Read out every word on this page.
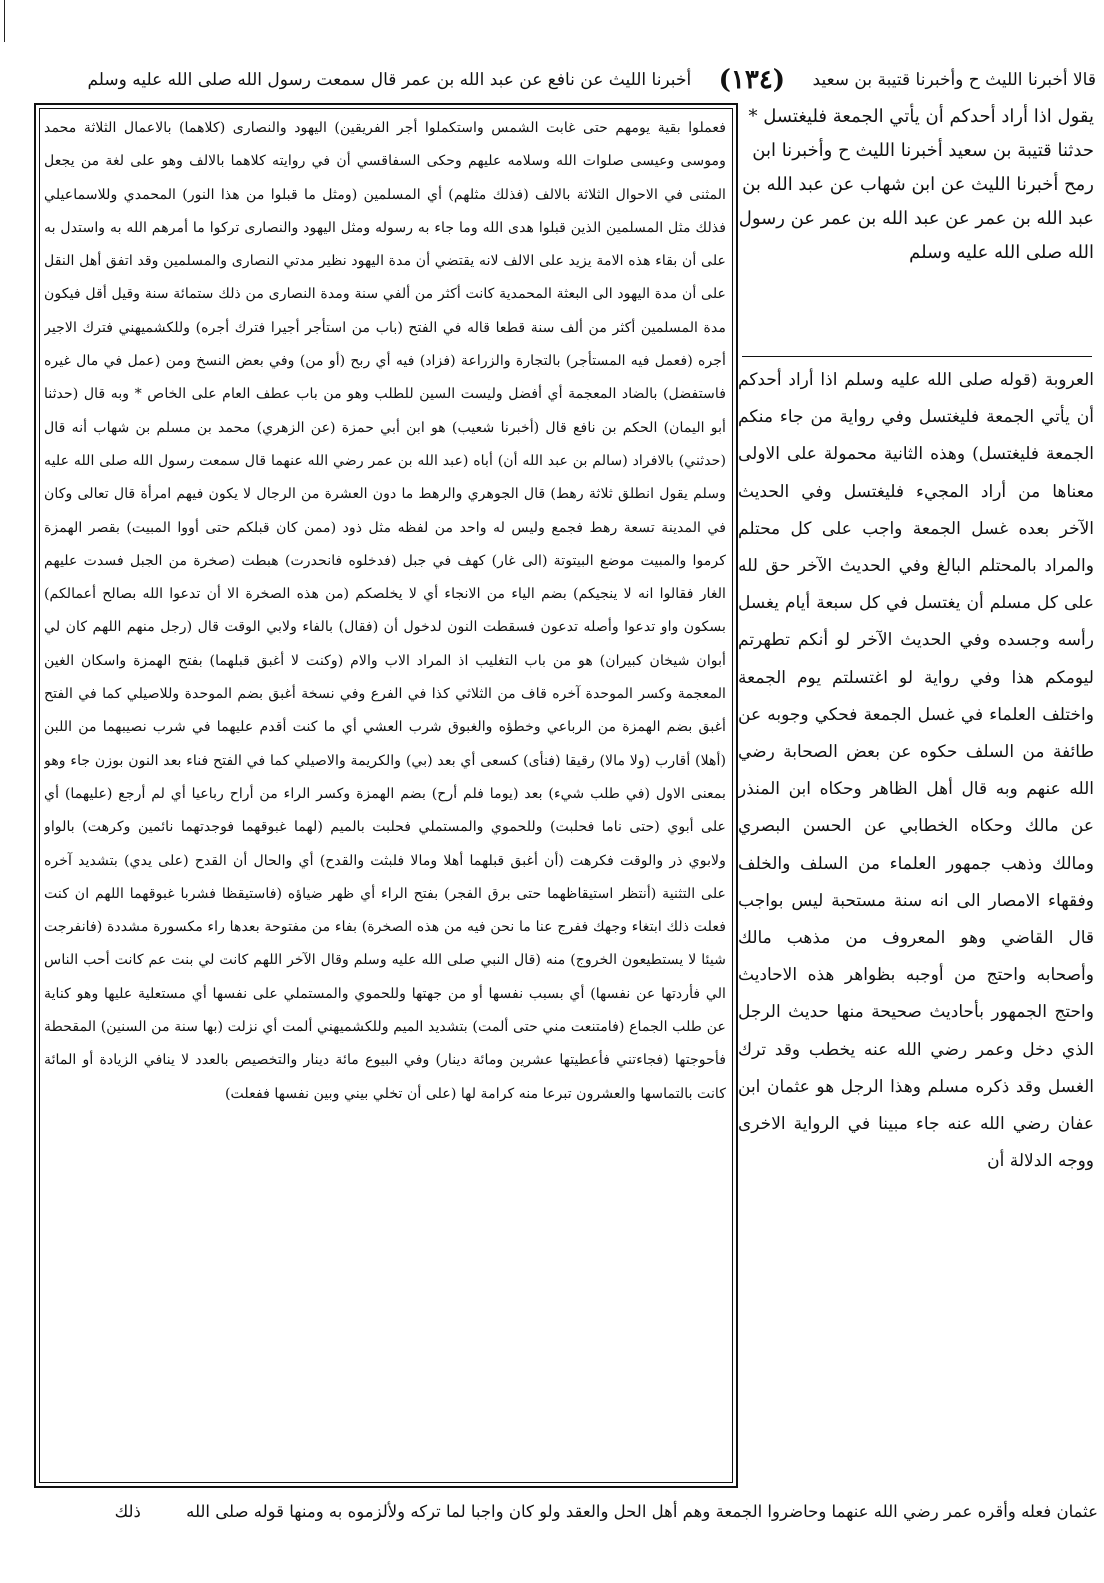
قالا أخبرنا الليث ح وأخبرنا قتيبة بن سعيد (١٣٤) أخبرنا الليث عن نافع عن عبد الله بن عمر قال سمعت رسول الله صلى الله عليه وسلم

يقول اذا أراد أحدكم أن يأتي الجمعة فليغتسل * حدثنا قتيبة بن سعيد أخبرنا الليث ح وأخبرنا ابن رمح أخبرنا الليث عن ابن شهاب عن عبد الله بن عبد الله بن عمر عن عبد الله بن عمر عن رسول الله صلى الله عليه وسلم

العروبة (قوله صلى الله عليه وسلم اذا أراد أحدكم أن يأتي الجمعة فليغتسل وفي رواية من جاء منكم الجمعة فليغتسل) وهذه الثانية محمولة على الاولى معناها من أراد المجيء فليغتسل وفي الحديث الآخر بعده غسل الجمعة واجب على كل محتلم والمراد بالمحتلم البالغ وفي الحديث الآخر حق لله على كل مسلم أن يغتسل في كل سبعة أيام يغسل رأسه وجسده وفي الحديث الآخر لو أنكم تطهرتم ليومكم هذا وفي رواية لو اغتسلتم يوم الجمعة واختلف العلماء في غسل الجمعة فحكي وجوبه عن طائفة من السلف حكوه عن بعض الصحابة رضي الله عنهم وبه قال أهل الظاهر وحكاه ابن المنذر عن مالك وحكاه الخطابي عن الحسن البصري ومالك وذهب جمهور العلماء من السلف والخلف وفقهاء الامصار الى انه سنة مستحبة ليس بواجب قال القاضي وهو المعروف من مذهب مالك وأصحابه واحتج من أوجبه بظواهر هذه الاحاديث واحتج الجمهور بأحاديث صحيحة منها حديث الرجل الذي دخل وعمر رضي الله عنه يخطب وقد ترك الغسل وقد ذكره مسلم وهذا الرجل هو عثمان ابن عفان رضي الله عنه جاء مبينا في الرواية الاخرى ووجه الدلالة أن

فعملوا بقية يومهم حتى غابت الشمس واستكملوا أجر الفريقين) اليهود والنصارى (كلاهما) بالاعمال الثلاثة محمد وموسى وعيسى صلوات الله وسلامه عليهم وحكى السفاقسي أن في روايته كلاهما بالالف وهو على لغة من يجعل المثنى في الاحوال الثلاثة بالالف (فذلك مثلهم) أي المسلمين (ومثل ما قبلوا من هذا النور) المحمدي وللاسماعيلي فذلك مثل المسلمين الذين قبلوا هدى الله وما جاء به رسوله ومثل اليهود والنصارى تركوا ما أمرهم الله به واستدل به على أن بقاء هذه الامة يزيد على الالف لانه يقتضي أن مدة اليهود نظير مدتي النصارى والمسلمين وقد اتفق أهل النقل على أن مدة اليهود الى البعثة المحمدية كانت أكثر من ألفي سنة ومدة النصارى من ذلك ستمائة سنة وقيل أقل فيكون مدة المسلمين أكثر من ألف سنة قطعا قاله في الفتح (باب من استأجر أجيرا فترك أجره) وللكشميهني فترك الاجير أجره (فعمل فيه المستأجر) بالتجارة والزراعة (فزاد) فيه أي ربح (أو من) وفي بعض النسخ ومن (عمل في مال غيره فاستفضل) بالضاد المعجمة أي أفضل وليست السين للطلب وهو من باب عطف العام على الخاص * وبه قال (حدثنا أبو اليمان) الحكم بن نافع قال (أخبرنا شعيب) هو ابن أبي حمزة (عن الزهري) محمد بن مسلم بن شهاب أنه قال (حدثني) بالافراد (سالم بن عبد الله أن) أباه (عبد الله بن عمر رضي الله عنهما قال سمعت رسول الله صلى الله عليه وسلم يقول انطلق ثلاثة رهط) قال الجوهري والرهط ما دون العشرة من الرجال لا يكون فيهم امرأة قال تعالى وكان في المدينة تسعة رهط فجمع وليس له واحد من لفظه مثل ذود (ممن كان قبلكم حتى أووا المبيت) بقصر الهمزة كرموا والمبيت موضع البيتوتة (الى غار) كهف في جبل (فدخلوه فانحدرت) هبطت (صخرة من الجبل فسدت عليهم الغار فقالوا انه لا ينجيكم) بضم الياء من الانجاء أي لا يخلصكم (من هذه الصخرة الا أن تدعوا الله بصالح أعمالكم) بسكون واو تدعوا وأصله تدعون فسقطت النون لدخول أن (فقال) بالفاء ولابي الوقت قال (رجل منهم اللهم كان لي أبوان شيخان كبيران) هو من باب التغليب اذ المراد الاب والام (وكنت لا أغبق قبلهما) بفتح الهمزة واسكان الغين المعجمة وكسر الموحدة آخره قاف من الثلاثي كذا في الفرع وفي نسخة أغبق بضم الموحدة وللاصيلي كما في الفتح أغبق بضم الهمزة من الرباعي وخطؤه والغبوق شرب العشي أي ما كنت أقدم عليهما في شرب نصيبهما من اللبن (أهلا) أقارب (ولا مالا) رقيقا (فنأى) كسعى أي بعد (بي) والكريمة والاصيلي كما في الفتح فناء بعد النون بوزن جاء وهو بمعنى الاول (في طلب شيء) بعد (يوما فلم أرح) بضم الهمزة وكسر الراء من أراح رباعيا أي لم أرجع (عليهما) أي على أبوي (حتى ناما فحلبت) وللحموي والمستملي فحلبت بالميم (لهما غبوقهما فوجدتهما نائمين وكرهت) بالواو ولابوي ذر والوقت فكرهت (أن أغبق قبلهما أهلا ومالا فلبثت والقدح) أي والحال أن القدح (على يدي) بتشديد آخره على التثنية (أنتظر استيقاظهما حتى برق الفجر) بفتح الراء أي ظهر ضياؤه (فاستيقظا فشربا غبوقهما اللهم ان كنت فعلت ذلك ابتغاء وجهك ففرج عنا ما نحن فيه من هذه الصخرة) بفاء من مفتوحة بعدها راء مكسورة مشددة (فانفرجت شيئا لا يستطيعون الخروج) منه (قال النبي صلى الله عليه وسلم وقال الآخر اللهم كانت لي بنت عم كانت أحب الناس الي فأردتها عن نفسها) أي بسبب نفسها أو من جهتها وللحموي والمستملي على نفسها أي مستعلية عليها وهو كناية عن طلب الجماع (فامتنعت مني حتى ألمت) بتشديد الميم وللكشميهني ألمت أي نزلت (بها سنة من السنين) المقحطة فأحوجتها (فجاءتني فأعطيتها عشرين ومائة دينار) وفي البيوع مائة دينار والتخصيص بالعدد لا ينافي الزيادة أو المائة كانت بالتماسها والعشرون تبرعا منه كرامة لها (على أن تخلي بيني وبين نفسها ففعلت)

عثمان فعله وأقره عمر رضي الله عنهما وحاضروا الجمعة وهم أهل الحل والعقد ولو كان واجبا لما تركه ولألزموه به ومنها قوله صلى الله ذلك
